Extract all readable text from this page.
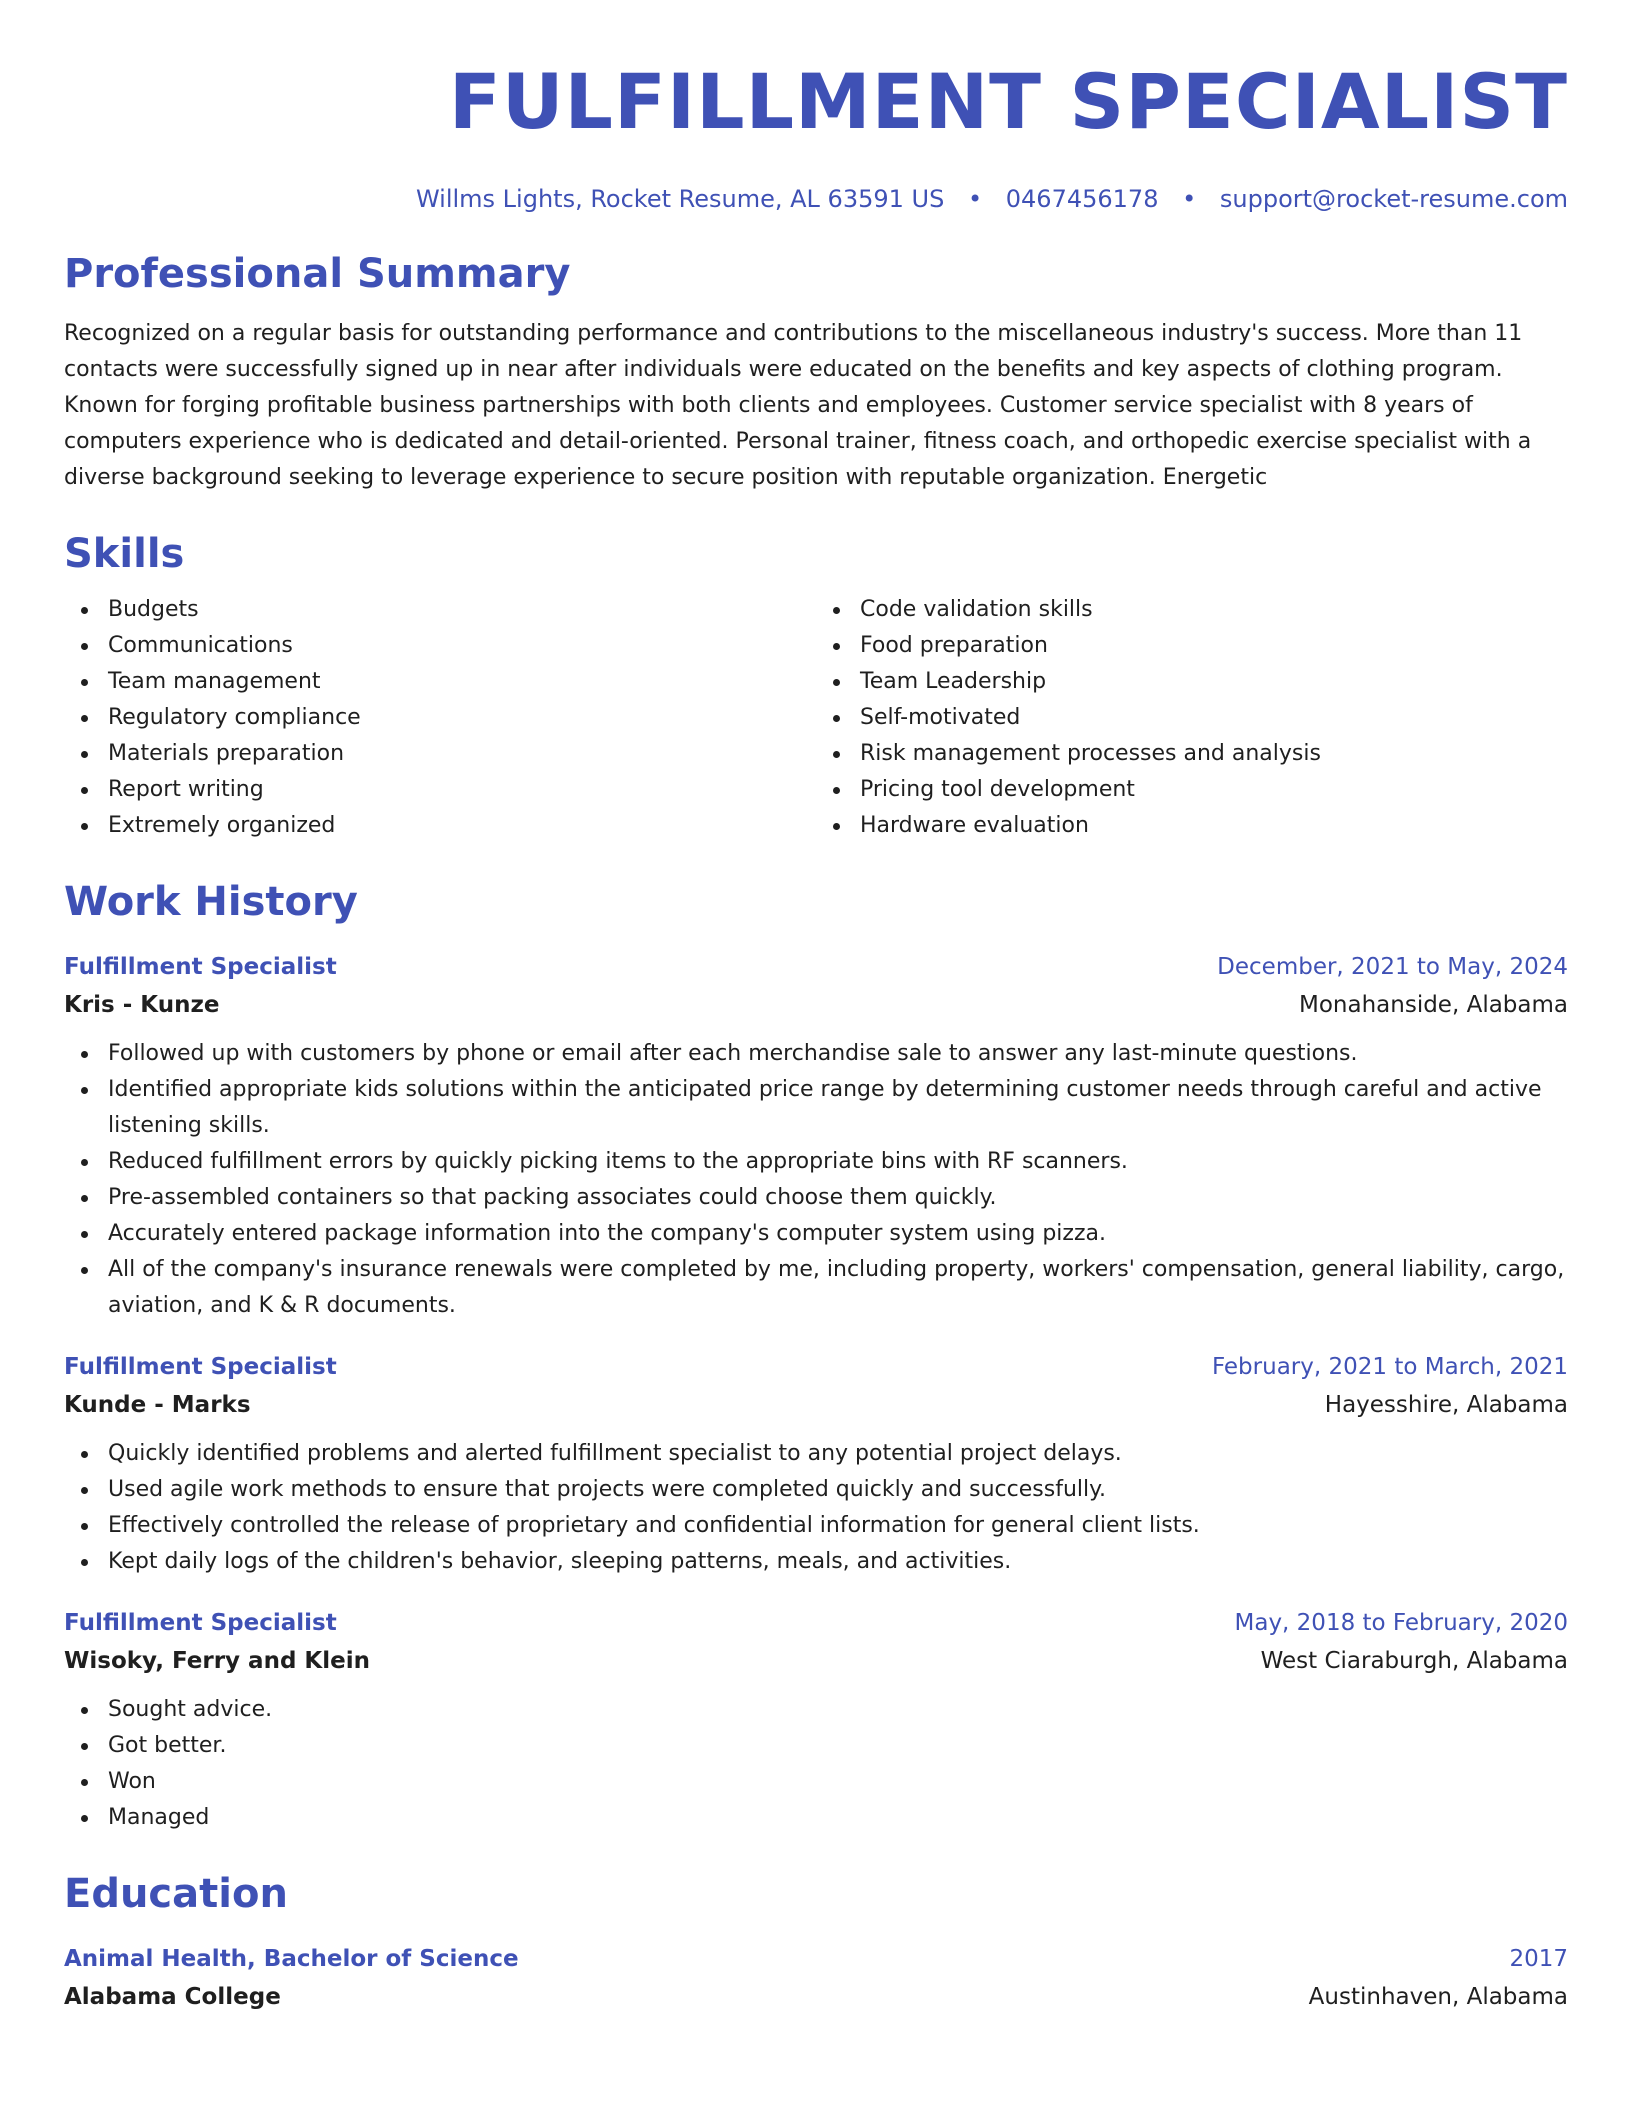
FULFILLMENT SPECIALIST
Willms Lights, Rocket Resume, AL 63591 US • 0467456178 • support@rocket-resume.com
Professional Summary

Recognized on a regular basis for outstanding performance and contributions to the miscellaneous industry's success. More than 11 contacts were successfully signed up in near after individuals were educated on the benefits and key aspects of clothing program. Known for forging profitable business partnerships with both clients and employees. Customer service specialist with 8 years of computers experience who is dedicated and detail-oriented. Personal trainer, fitness coach, and orthopedic exercise specialist with a diverse background seeking to leverage experience to secure position with reputable organization. Energetic

Skills
Budgets
Communications
Team management
Regulatory compliance
Materials preparation
Report writing
Extremely organized
Code validation skills
Food preparation
Team Leadership
Self-motivated
Risk management processes and analysis
Pricing tool development
Hardware evaluation
Work History
Fulfillment Specialist	December, 2021 to May, 2024
Kris - Kunze	Monahanside, Alabama
Followed up with customers by phone or email after each merchandise sale to answer any last-minute questions.
Identified appropriate kids solutions within the anticipated price range by determining customer needs through careful and active listening skills.
Reduced fulfillment errors by quickly picking items to the appropriate bins with RF scanners.
Pre-assembled containers so that packing associates could choose them quickly.
Accurately entered package information into the company's computer system using pizza.
All of the company's insurance renewals were completed by me, including property, workers' compensation, general liability, cargo, aviation, and K & R documents.
Fulfillment Specialist	February, 2021 to March, 2021
Kunde - Marks	Hayesshire, Alabama
Quickly identified problems and alerted fulfillment specialist to any potential project delays.
Used agile work methods to ensure that projects were completed quickly and successfully.
Effectively controlled the release of proprietary and confidential information for general client lists.
Kept daily logs of the children's behavior, sleeping patterns, meals, and activities.
Fulfillment Specialist	May, 2018 to February, 2020
Wisoky, Ferry and Klein	West Ciaraburgh, Alabama
Sought advice.
Got better.
Won
Managed
Education
Animal Health, Bachelor of Science	2017
Alabama College	Austinhaven, Alabama
